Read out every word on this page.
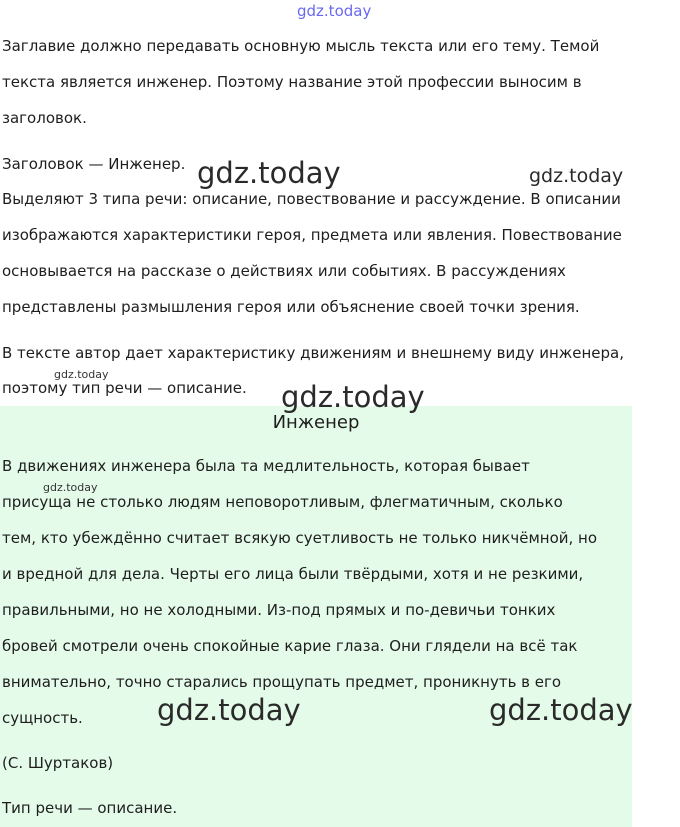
gdz.today

Заглавие должно передавать основную мысль текста или его тему. Темой

текста является инженер. Поэтому название этой профессии выносим в

заголовок.

Заголовок — Инженер.

Выделяют 3 типа речи: описание, повествование и рассуждение. В описании

изображаются характеристики героя, предмета или явления. Повествование

основывается на рассказе о действиях или событиях. В рассуждениях

представлены размышления героя или объяснение своей точки зрения.

В тексте автор дает характеристику движениям и внешнему виду инженера,

поэтому тип речи — описание.

Инженер

В движениях инженера была та медлительность, которая бывает

присуща не столько людям неповоротливым, флегматичным, сколько

тем, кто убеждённо считает всякую суетливость не только никчёмной, но

и вредной для дела. Черты его лица были твёрдыми, хотя и не резкими,

правильными, но не холодными. Из-под прямых и по-девичьи тонких

бровей смотрели очень спокойные карие глаза. Они глядели на всё так

внимательно, точно старались прощупать предмет, проникнуть в его

сущность.

(С. Шуртаков)

Тип речи — описание.

gdz.today	gdz.today
gdz.today
gdz.today
gdz.today
gdz.today	gdz.today
